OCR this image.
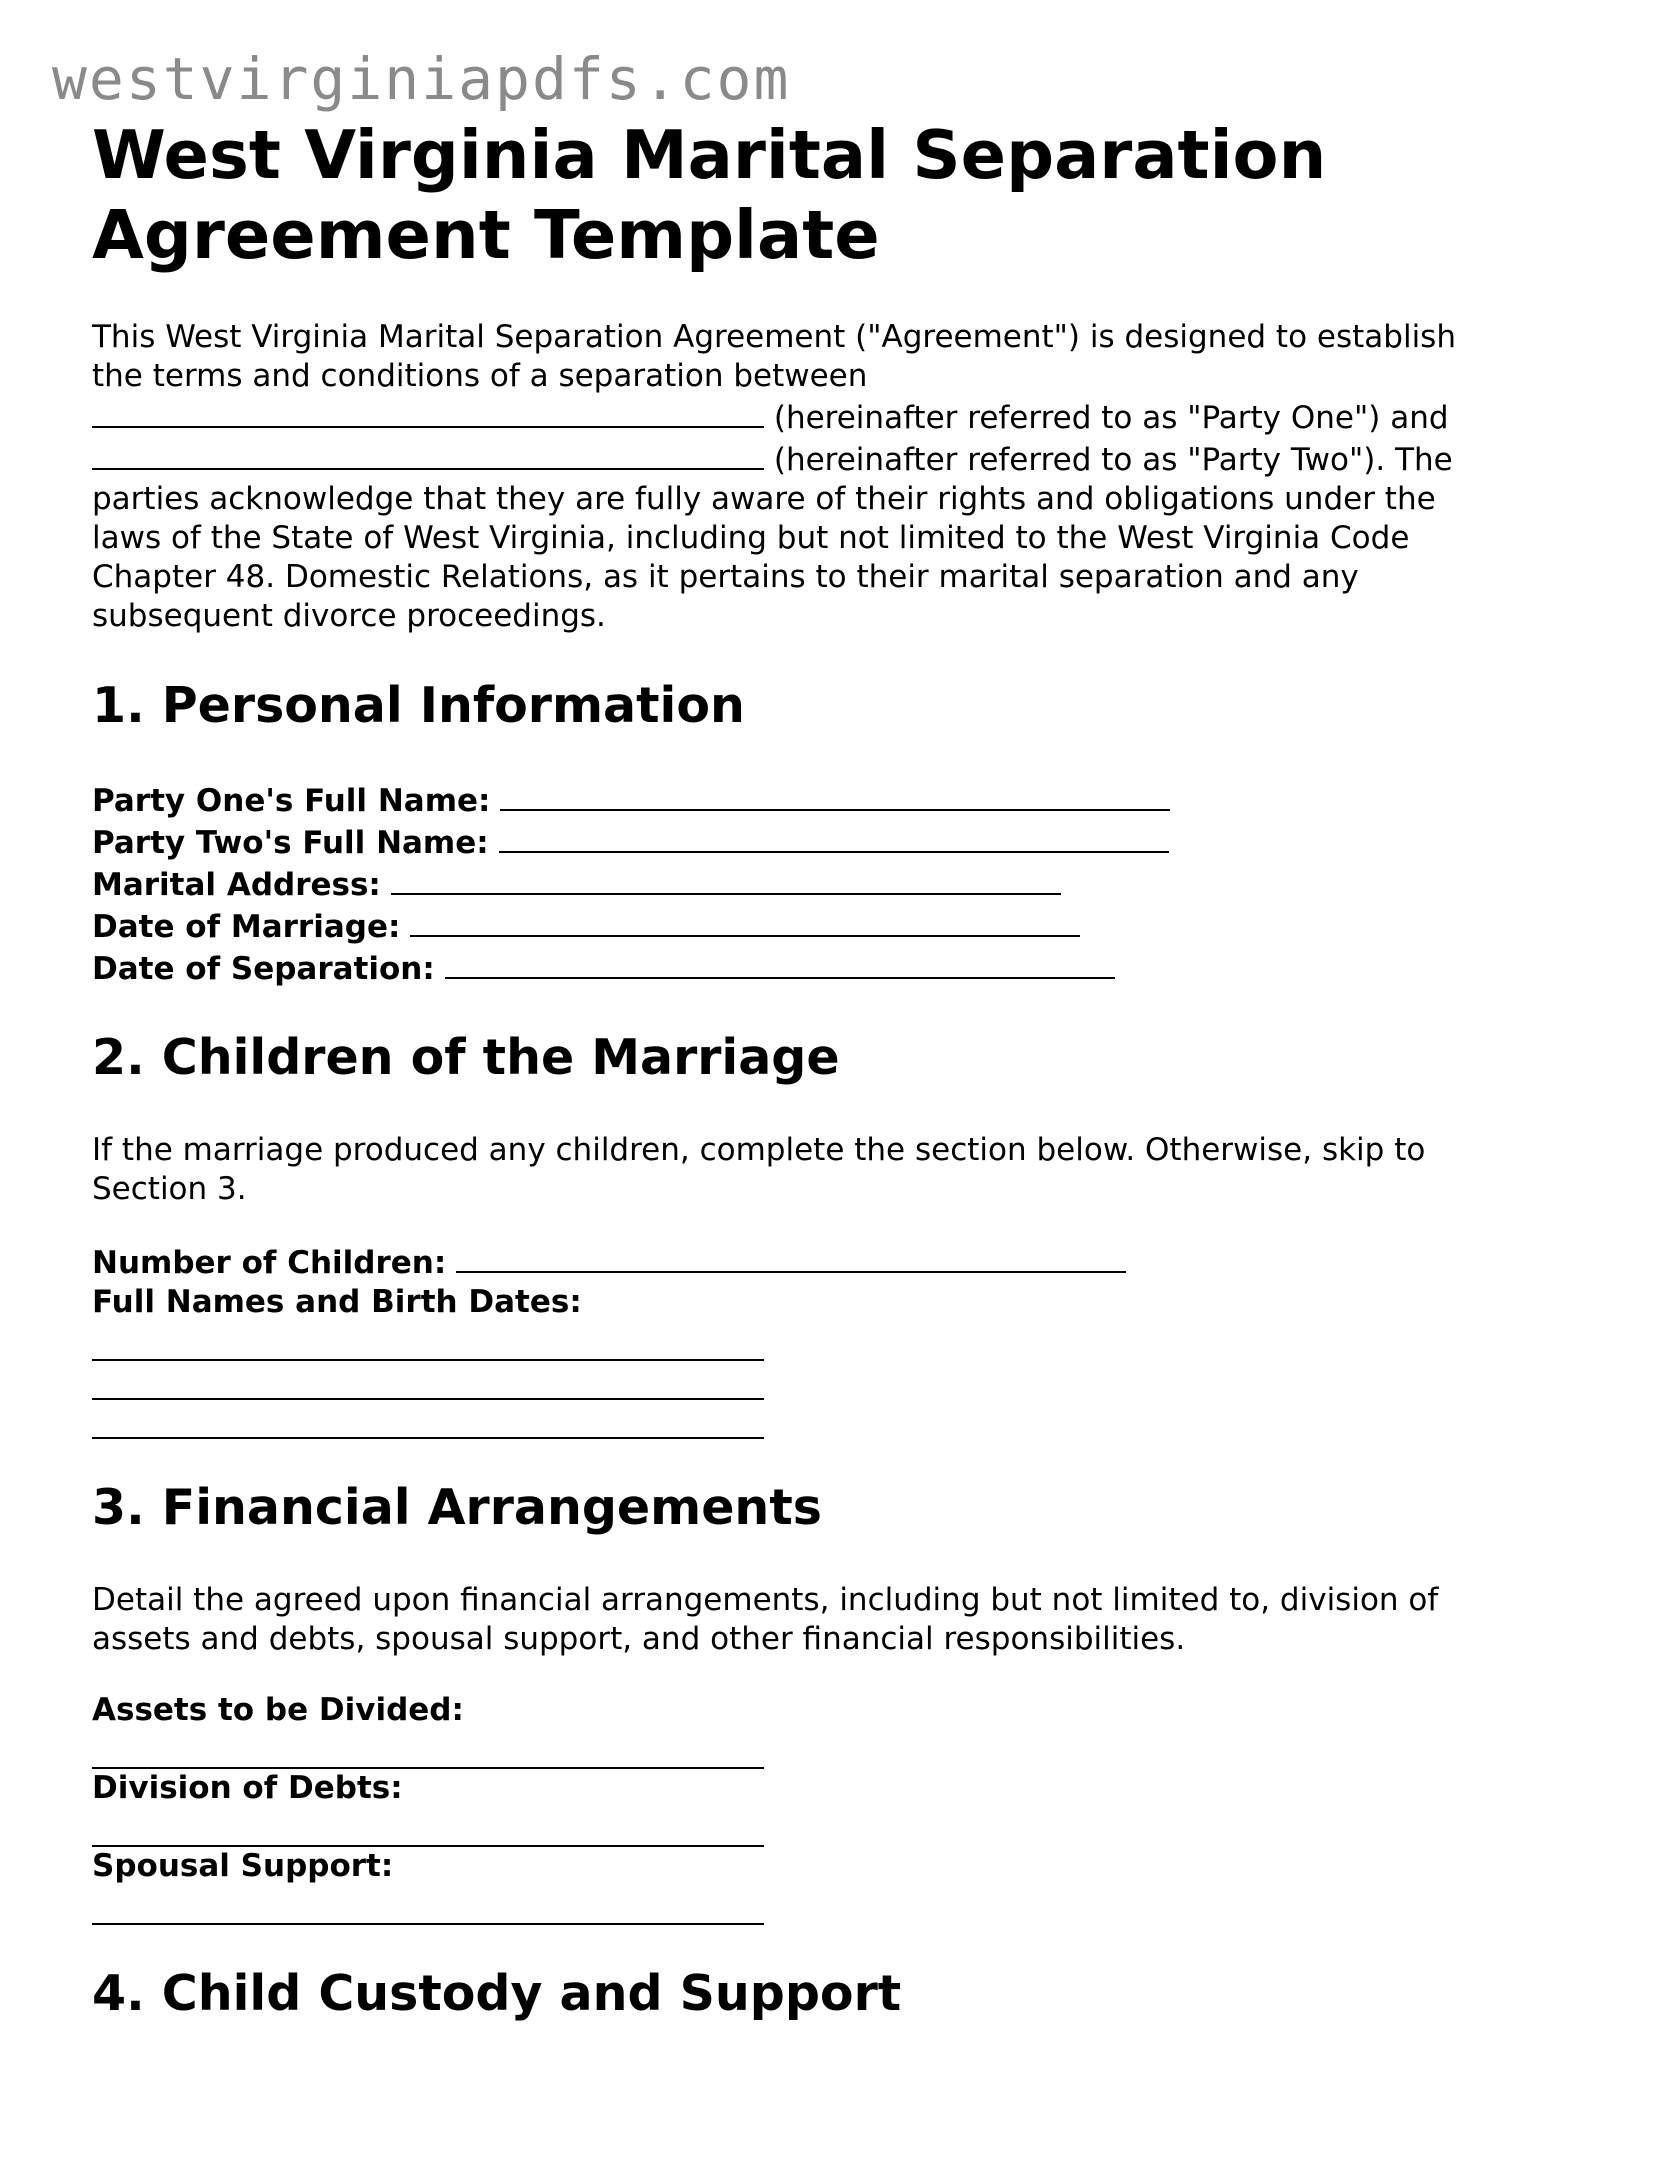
westvirginiapdfs.com
West Virginia Marital Separation
Agreement Template
This West Virginia Marital Separation Agreement ("Agreement") is designed to establish
the terms and conditions of a separation between
(hereinafter referred to as "Party One") and
(hereinafter referred to as "Party Two"). The
parties acknowledge that they are fully aware of their rights and obligations under the
laws of the State of West Virginia, including but not limited to the West Virginia Code
Chapter 48. Domestic Relations, as it pertains to their marital separation and any
subsequent divorce proceedings.
1. Personal Information
Party One's Full Name:
Party Two's Full Name:
Marital Address:
Date of Marriage:
Date of Separation:
2. Children of the Marriage
If the marriage produced any children, complete the section below. Otherwise, skip to
Section 3.
Number of Children:
Full Names and Birth Dates:
3. Financial Arrangements
Detail the agreed upon financial arrangements, including but not limited to, division of
assets and debts, spousal support, and other financial responsibilities.
Assets to be Divided:
Division of Debts:
Spousal Support:
4. Child Custody and Support
